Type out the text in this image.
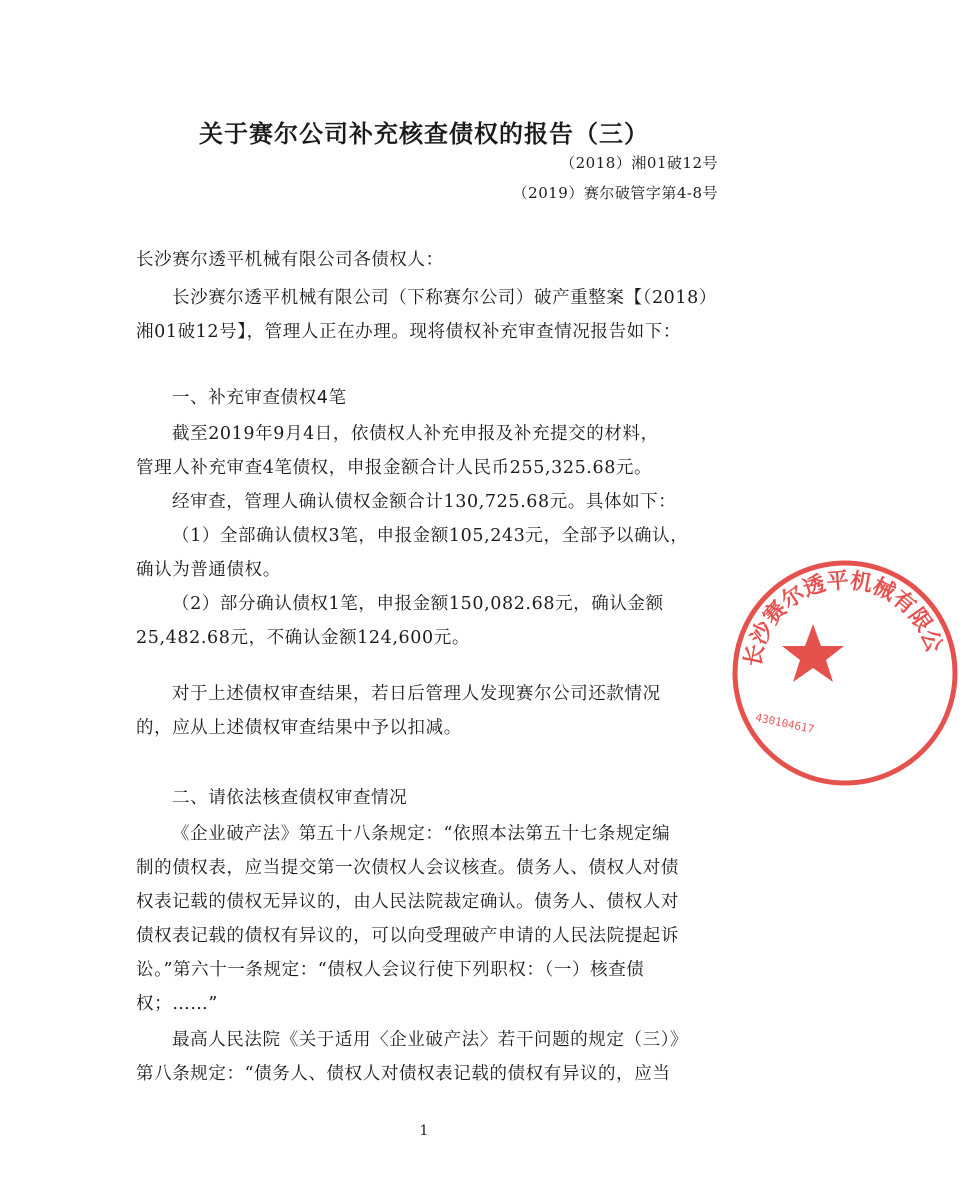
关于赛尔公司补充核查债权的报告（三）
（2018）湘01破12号
（2019）赛尔破管字第4-8号
长沙赛尔透平机械有限公司各债权人：
长沙赛尔透平机械有限公司（下称赛尔公司）破产重整案【（2018）
湘01破12号】，管理人正在办理。现将债权补充审查情况报告如下：
一、补充审查债权4笔
截至2019年9月4日，依债权人补充申报及补充提交的材料，
管理人补充审查4笔债权，申报金额合计人民币255,325.68元。
经审查，管理人确认债权金额合计130,725.68元。具体如下：
（1）全部确认债权3笔，申报金额105,243元，全部予以确认，
确认为普通债权。
（2）部分确认债权1笔，申报金额150,082.68元，确认金额
25,482.68元，不确认金额124,600元。
对于上述债权审查结果，若日后管理人发现赛尔公司还款情况
的，应从上述债权审查结果中予以扣减。
二、请依法核查债权审查情况
《企业破产法》第五十八条规定：“依照本法第五十七条规定编
制的债权表，应当提交第一次债权人会议核查。债务人、债权人对债
权表记载的债权无异议的，由人民法院裁定确认。债务人、债权人对
债权表记载的债权有异议的，可以向受理破产申请的人民法院提起诉
讼。”第六十一条规定：“债权人会议行使下列职权：（一）核查债
权；……”
最高人民法院《关于适用〈企业破产法〉若干问题的规定（三）》
第八条规定：“债务人、债权人对债权表记载的债权有异议的，应当
1
长沙赛尔透平机械有限公
430104617
